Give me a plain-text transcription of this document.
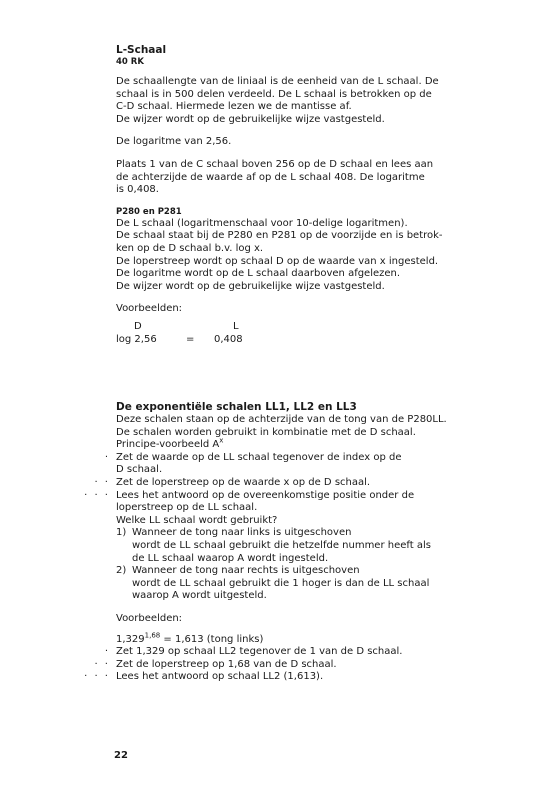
L-Schaal

40 RK

De schaallengte van de liniaal is de eenheid van de L schaal. De

schaal is in 500 delen verdeeld. De L schaal is betrokken op de

C-D schaal. Hiermede lezen we de mantisse af.

De wijzer wordt op de gebruikelijke wijze vastgesteld.

De logaritme van 2,56.

Plaats 1 van de C schaal boven 256 op de D schaal en lees aan

de achterzijde de waarde af op de L schaal 408. De logaritme

is 0,408.

P280 en P281

De L schaal (logaritmenschaal voor 10-delige logaritmen).

De schaal staat bij de P280 en P281 op de voorzijde en is betrok-

ken op de D schaal b.v. log x.

De loperstreep wordt op schaal D op de waarde van x ingesteld.

De logaritme wordt op de L schaal daarboven afgelezen.

De wijzer wordt op de gebruikelijke wijze vastgesteld.

Voorbeelden:

D	L
log 2,56	= 0,408

De exponentiële schalen LL1, LL2 en LL3

Deze schalen staan op de achterzijde van de tong van de P280LL.

De schalen worden gebruikt in kombinatie met de D schaal.

Principe-voorbeeld $A^x$

· Zet de waarde op de LL schaal tegenover de index op de

D schaal.

· · Zet de loperstreep op de waarde x op de D schaal.

· · · Lees het antwoord op de overeenkomstige positie onder de

loperstreep op de LL schaal.

Welke LL schaal wordt gebruikt?

1) Wanneer de tong naar links is uitgeschoven

wordt de LL schaal gebruikt die hetzelfde nummer heeft als

de LL schaal waarop A wordt ingesteld.

2) Wanneer de tong naar rechts is uitgeschoven

wordt de LL schaal gebruikt die 1 hoger is dan de LL schaal

waarop A wordt uitgesteld.

Voorbeelden:

$1,329^{1,68} = 1,613$ (tong links)

· Zet 1,329 op schaal LL2 tegenover de 1 van de D schaal.

· · Zet de loperstreep op 1,68 van de D schaal.

· · · Lees het antwoord op schaal LL2 (1,613).

22
